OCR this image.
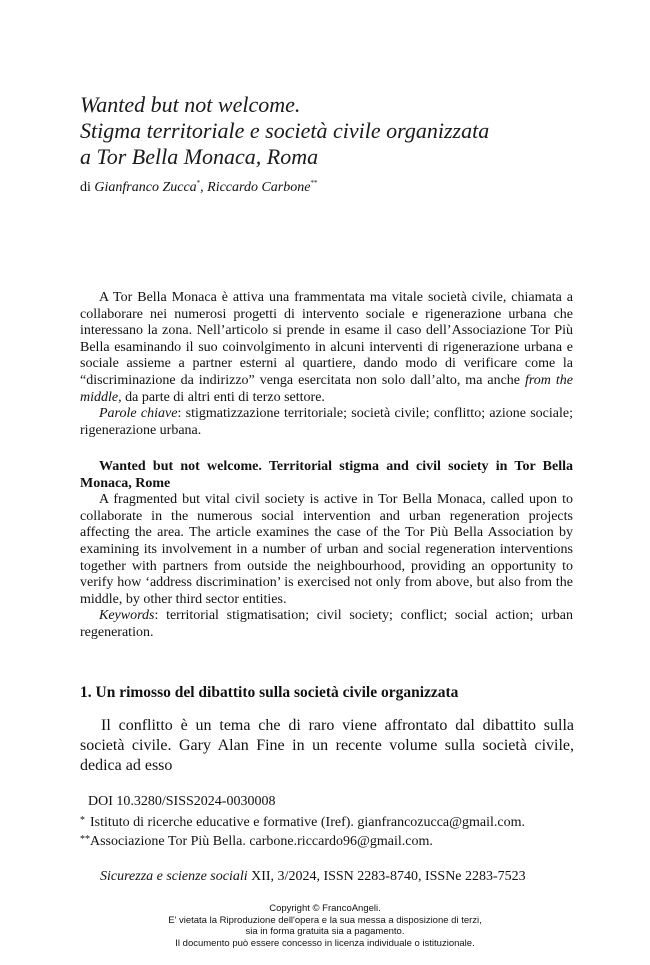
Wanted but not welcome.
Stigma territoriale e società civile organizzata
a Tor Bella Monaca, Roma
di Gianfranco Zucca*, Riccardo Carbone**

A Tor Bella Monaca è attiva una frammentata ma vitale società civile, chiamata a collaborare nei numerosi progetti di intervento sociale e rigenerazione urbana che interessano la zona. Nell’articolo si prende in esame il caso dell’Associazione Tor Più Bella esaminando il suo coinvolgimento in alcuni interventi di rigenerazione urbana e sociale assieme a partner esterni al quartiere, dando modo di verificare come la “discriminazione da indirizzo” venga esercitata non solo dall’alto, ma anche from the middle, da parte di altri enti di terzo settore.

Parole chiave: stigmatizzazione territoriale; società civile; conflitto; azione sociale; rigenerazione urbana.

Wanted but not welcome. Territorial stigma and civil society in Tor Bella Monaca, Rome

A fragmented but vital civil society is active in Tor Bella Monaca, called upon to collaborate in the numerous social intervention and urban regeneration projects affecting the area. The article examines the case of the Tor Più Bella Association by examining its involvement in a number of urban and social regeneration interventions together with partners from outside the neighbourhood, providing an opportunity to verify how ‘address discrimination’ is exercised not only from above, but also from the middle, by other third sector entities.

Keywords: territorial stigmatisation; civil society; conflict; social action; urban regeneration.

1. Un rimosso del dibattito sulla società civile organizzata

Il conflitto è un tema che di raro viene affrontato dal dibattito sulla società civile. Gary Alan Fine in un recente volume sulla società civile, dedica ad esso

DOI 10.3280/SISS2024-0030008
* Istituto di ricerche educative e formative (Iref). gianfrancozucca@gmail.com.
**Associazione Tor Più Bella. carbone.riccardo96@gmail.com.
Sicurezza e scienze sociali XII, 3/2024, ISSN 2283-8740, ISSNe 2283-7523
Copyright © FrancoAngeli.
E' vietata la Riproduzione dell'opera e la sua messa a disposizione di terzi,
sia in forma gratuita sia a pagamento.
Il documento può essere concesso in licenza individuale o istituzionale.
